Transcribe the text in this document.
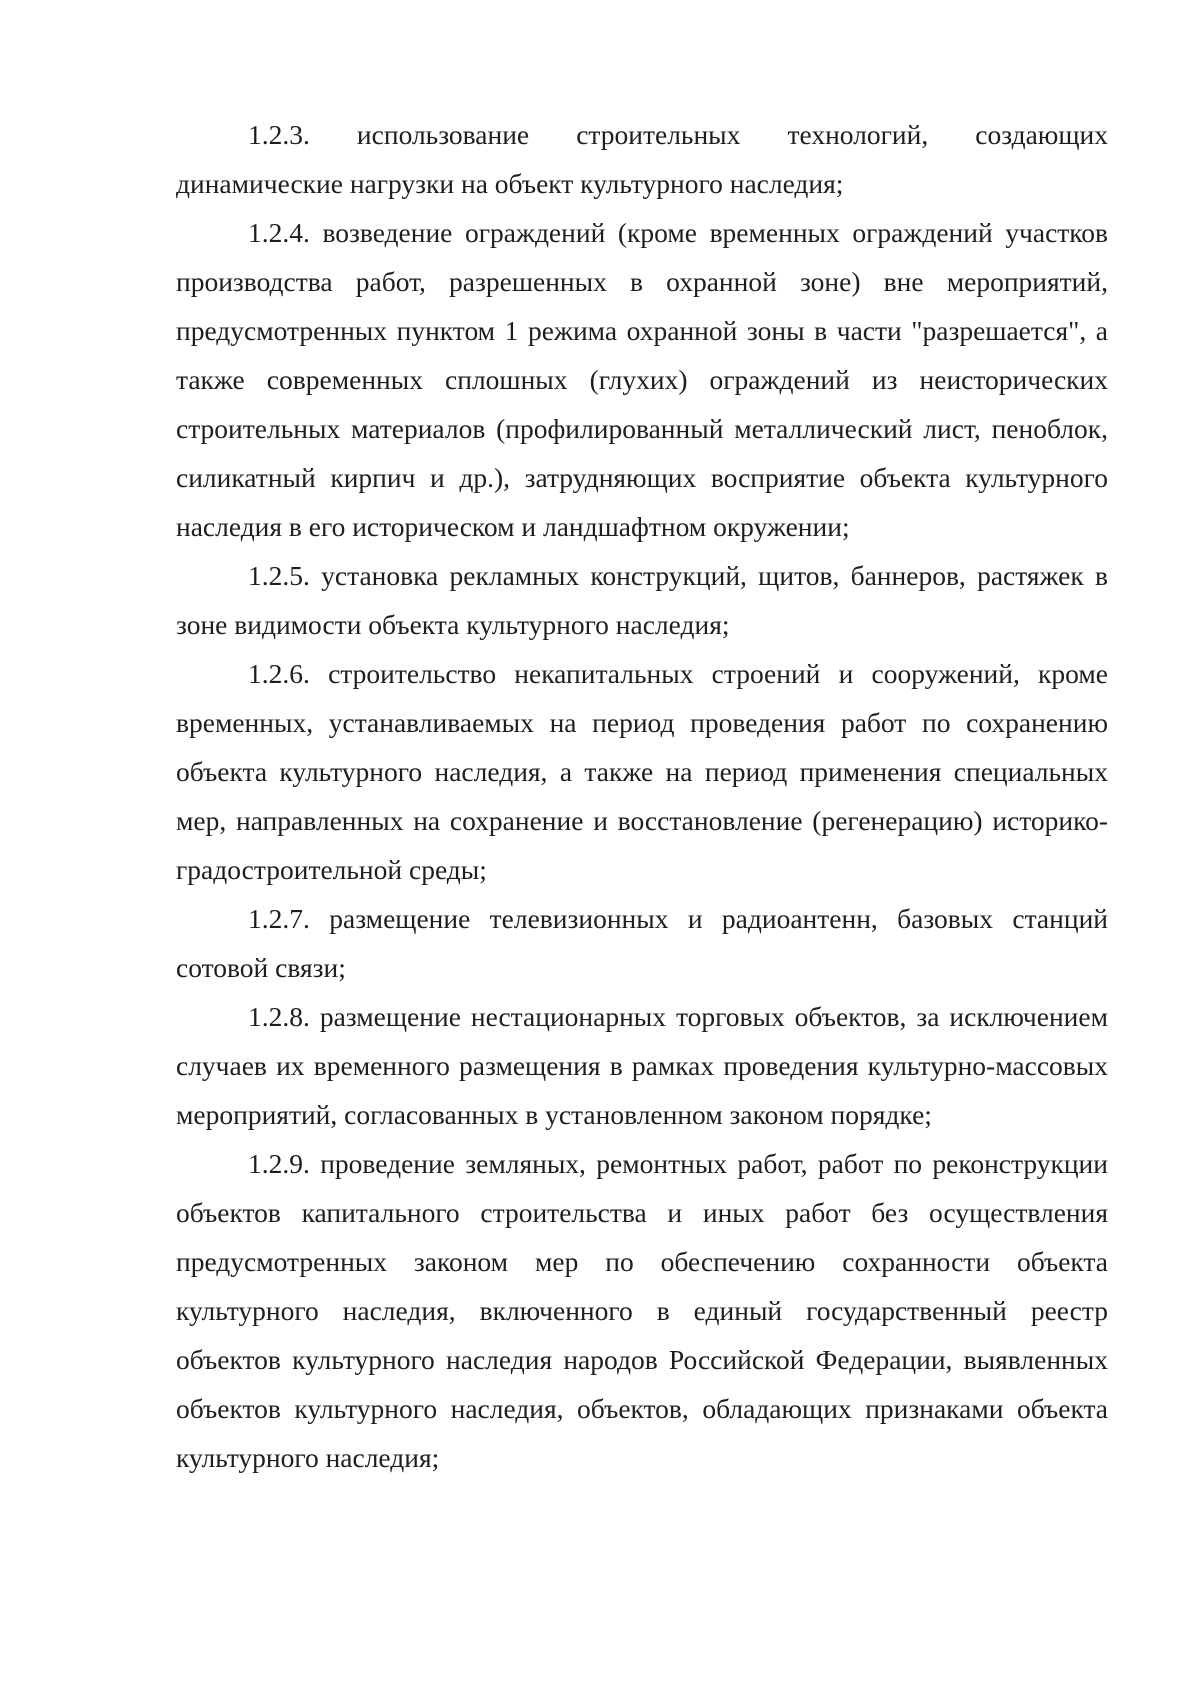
1.2.3. использование строительных технологий, создающих динамические нагрузки на объект культурного наследия;

1.2.4. возведение ограждений (кроме временных ограждений участков производства работ, разрешенных в охранной зоне) вне мероприятий, предусмотренных пунктом 1 режима охранной зоны в части "разрешается", а также современных сплошных (глухих) ограждений из неисторических строительных материалов (профилированный металлический лист, пеноблок, силикатный кирпич и др.), затрудняющих восприятие объекта культурного наследия в его историческом и ландшафтном окружении;

1.2.5. установка рекламных конструкций, щитов, баннеров, растяжек в зоне видимости объекта культурного наследия;

1.2.6. строительство некапитальных строений и сооружений, кроме временных, устанавливаемых на период проведения работ по сохранению объекта культурного наследия, а также на период применения специальных мер, направленных на сохранение и восстановление (регенерацию) историко-градостроительной среды;

1.2.7. размещение телевизионных и радиоантенн, базовых станций сотовой связи;

1.2.8. размещение нестационарных торговых объектов, за исключением случаев их временного размещения в рамках проведения культурно-массовых мероприятий, согласованных в установленном законом порядке;

1.2.9. проведение земляных, ремонтных работ, работ по реконструкции объектов капитального строительства и иных работ без осуществления предусмотренных законом мер по обеспечению сохранности объекта культурного наследия, включенного в единый государственный реестр объектов культурного наследия народов Российской Федерации, выявленных объектов культурного наследия, объектов, обладающих признаками объекта культурного наследия;
